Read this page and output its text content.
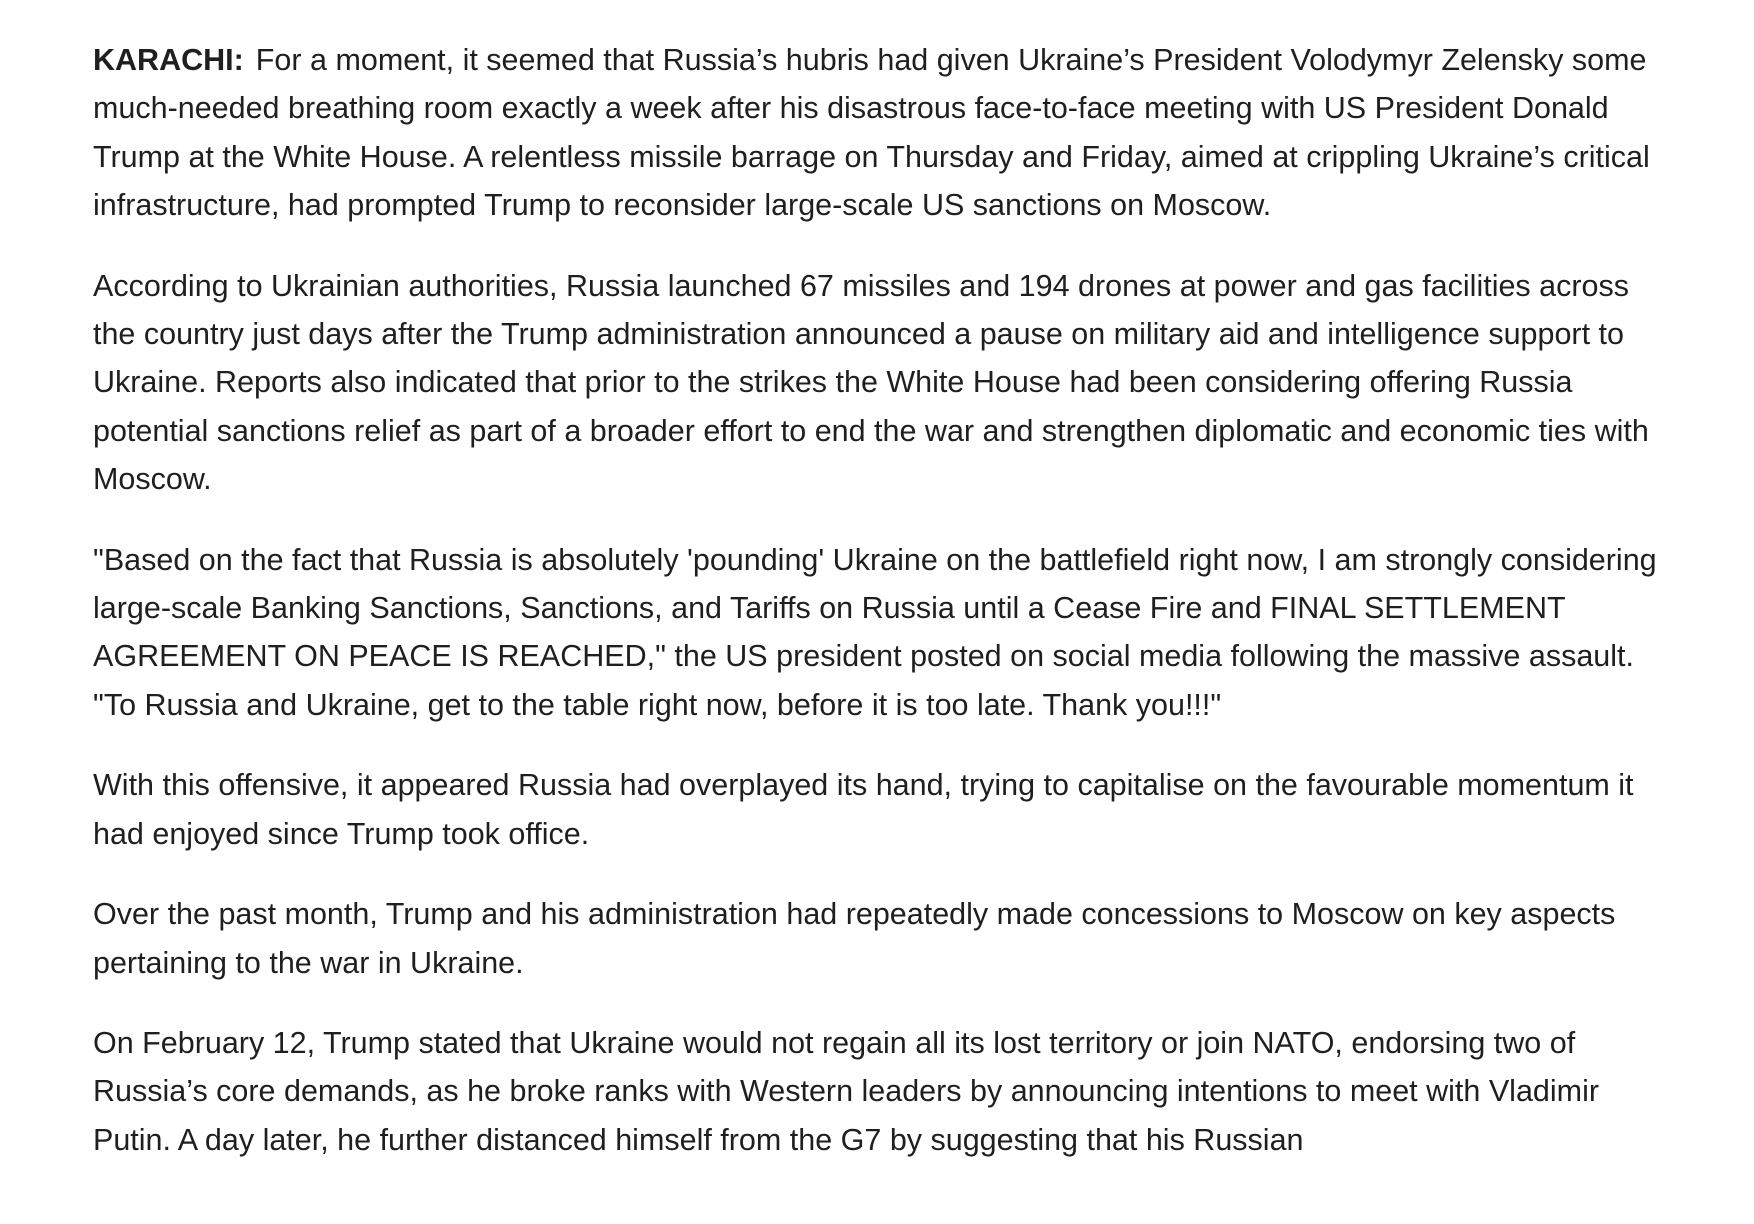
KARACHI: For a moment, it seemed that Russia’s hubris had given Ukraine’s President Volodymyr Zelensky some much-needed breathing room exactly a week after his disastrous face-to-face meeting with US President Donald Trump at the White House. A relentless missile barrage on Thursday and Friday, aimed at crippling Ukraine’s critical infrastructure, had prompted Trump to reconsider large-scale US sanctions on Moscow.

According to Ukrainian authorities, Russia launched 67 missiles and 194 drones at power and gas facilities across the country just days after the Trump administration announced a pause on military aid and intelligence support to Ukraine. Reports also indicated that prior to the strikes the White House had been considering offering Russia potential sanctions relief as part of a broader effort to end the war and strengthen diplomatic and economic ties with Moscow.

"Based on the fact that Russia is absolutely 'pounding' Ukraine on the battlefield right now, I am strongly considering large-scale Banking Sanctions, Sanctions, and Tariffs on Russia until a Cease Fire and FINAL SETTLEMENT AGREEMENT ON PEACE IS REACHED," the US president posted on social media following the massive assault. "To Russia and Ukraine, get to the table right now, before it is too late. Thank you!!!"

With this offensive, it appeared Russia had overplayed its hand, trying to capitalise on the favourable momentum it had enjoyed since Trump took office.

Over the past month, Trump and his administration had repeatedly made concessions to Moscow on key aspects pertaining to the war in Ukraine.

On February 12, Trump stated that Ukraine would not regain all its lost territory or join NATO, endorsing two of Russia’s core demands, as he broke ranks with Western leaders by announcing intentions to meet with Vladimir Putin. A day later, he further distanced himself from the G7 by suggesting that his Russian
